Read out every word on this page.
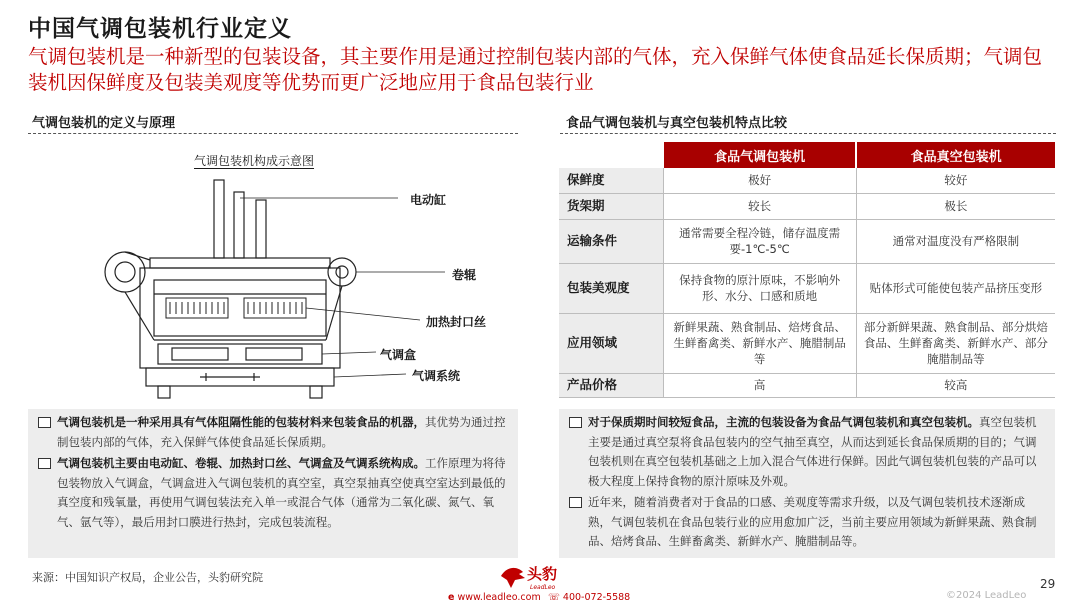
中国气调包装机行业定义
气调包装机是一种新型的包装设备，其主要作用是通过控制包装内部的气体，充入保鲜气体使食品延长保质期；气调包装机因保鲜度及包装美观度等优势而更广泛地应用于食品包装行业
气调包装机的定义与原理	食品气调包装机与真空包装机特点比较
气调包装机构成示意图
电动缸
卷辊
加热封口丝
气调盒
气调系统
	食品气调包装机	食品真空包装机
保鲜度	极好	较好
货架期	较长	极长
运输条件	通常需要全程冷链，储存温度需要-1℃-5℃	通常对温度没有严格限制
包装美观度	保持食物的原汁原味，不影响外形、水分、口感和质地	贴体形式可能使包装产品挤压变形
应用领域	新鲜果蔬、熟食制品、焙烤食品、生鲜畜禽类、新鲜水产、腌腊制品等	部分新鲜果蔬、熟食制品、部分烘焙食品、生鲜畜禽类、新鲜水产、部分腌腊制品等
产品价格	高	较高
气调包装机是一种采用具有气体阻隔性能的包装材料来包装食品的机器，其优势为通过控制包装内部的气体，充入保鲜气体使食品延长保质期。
气调包装机主要由电动缸、卷辊、加热封口丝、气调盒及气调系统构成。工作原理为将待包装物放入气调盒，气调盒进入气调包装机的真空室，真空泵抽真空使真空室达到最低的真空度和残氧量，再使用气调包装法充入单一或混合气体（通常为二氧化碳、氮气、氧气、氩气等），最后用封口膜进行热封，完成包装流程。
对于保质期时间较短食品，主流的包装设备为食品气调包装机和真空包装机。真空包装机主要是通过真空泵将食品包装内的空气抽至真空，从而达到延长食品保质期的目的；气调包装机则在真空包装机基础之上加入混合气体进行保鲜。因此气调包装机包装的产品可以极大程度上保持食物的原汁原味及外观。
近年来，随着消费者对于食品的口感、美观度等需求升级，以及气调包装机技术逐渐成熟，气调包装机在食品包装行业的应用愈加广泛，当前主要应用领域为新鲜果蔬、熟食制品、焙烤食品、生鲜畜禽类、新鲜水产、腌腊制品等。
来源：中国知识产权局，企业公告，头豹研究院	头豹
LeadLeo
e www.leadleo.com ☏ 400-072-5588
29
©2024 LeadLeo
